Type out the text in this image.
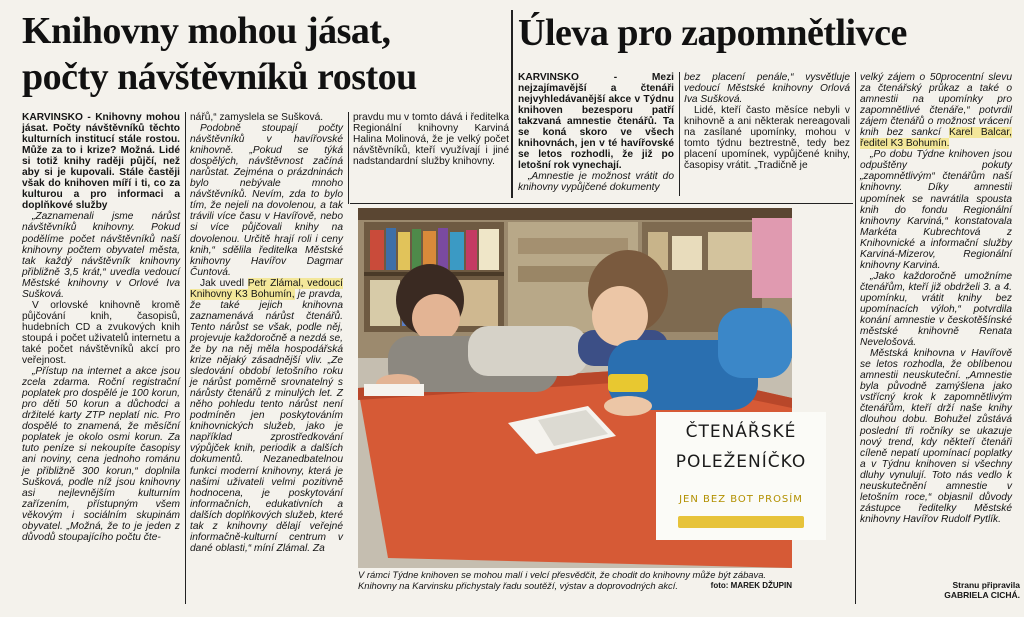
Knihovny mohou jásat,
počty návštěvníků rostou
Úleva pro zapomnětlivce

KARVINSKO - Knihovny mohou jásat. Počty návštěvníků těchto kulturních institucí stále rostou. Může za to i krize? Možná. Lidé si totiž knihy raději půjčí, než aby si je kupovali. Stále častěji však do knihoven míří i ti, co za kulturou a pro informaci a doplňkové služby

„Zaznamenali jsme nárůst návštěvníků knihovny. Pokud podělíme počet návštěvníků naší knihovny počtem obyvatel města, tak každý návštěvník knihovny přibližně 3,5 krát,“ uvedla vedoucí Městské knihovny v Orlové Iva Sušková.

V orlovské knihovně kromě půjčování knih, časopisů, hudebních CD a zvukových knih stoupá i počet uživatelů internetu a také počet návštěvníků akcí pro veřejnost.

„Přístup na internet a akce jsou zcela zdarma. Roční registrační poplatek pro dospělé je 100 korun, pro děti 50 korun a důchodci a držitelé karty ZTP neplatí nic. Pro dospělé to znamená, že měsíční poplatek je okolo osmi korun. Za tuto peníze si nekoupíte časopisy ani noviny, cena jednoho románu je přibližně 300 korun,“ doplnila Sušková, podle níž jsou knihovny asi nejlevnějším kulturním zařízením, přístupným všem věkovým i sociálním skupinám obyvatel. „Možná, že to je jeden z důvodů stoupajícího počtu čte-

nářů,“ zamyslela se Sušková.

Podobně stoupají počty návštěvníků v havířovské knihovně. „Pokud se týká dospělých, návštěvnost začíná narůstat. Zejména o prázdninách bylo nebývale mnoho návštěvníků. Nevím, zda to bylo tím, že nejeli na dovolenou, a tak trávili více času v Havířově, nebo si více půjčovali knihy na dovolenou. Určitě hrají roli i ceny knih,“ sdělila ředitelka Městské knihovny Havířov Dagmar Čuntová.

Jak uvedl Petr Zlámal, vedoucí Knihovny K3 Bohumín, je pravda, že také jejich knihovna zaznamenává nárůst čtenářů. Tento nárůst se však, podle něj, projevuje každoročně a nezdá se, že by na něj měla hospodářská krize nějaký zásadnější vliv. „Ze sledování období letošního roku je nárůst poměrně srovnatelný s nárůsty čtenářů z minulých let. Z něho pohledu tento nárůst není podmíněn jen poskytováním knihovnických služeb, jako je například zprostředkování výpůjček knih, periodik a dalších dokumentů. Nezanedbatelnou funkci moderní knihovny, která je našimi uživateli velmi pozitivně hodnocena, je poskytování informačních, edukativních a dalších doplňkových služeb, které tak z knihovny dělají veřejné informačně-kulturní centrum v dané oblasti,“ míní Zlámal. Za

pravdu mu v tomto dává i ředitelka Regionální knihovny Karviná Halina Molinová, že je velký počet návštěvníků, kteří využívají i jiné nadstandardní služby knihovny.

KARVINSKO - Mezi nejzajímavější a čtenáři nejvyhledávanější akce v Týdnu knihoven bezesporu patří takzvaná amnestie čtenářů. Ta se koná skoro ve všech knihovnách, jen v té havířovské se letos rozhodli, že již po letošní rok vynechají.

„Amnestie je možnost vrátit do knihovny vypůjčené dokumenty

bez placení penále,“ vysvětluje vedoucí Městské knihovny Orlová Iva Sušková.

Lidé, kteří často měsíce nebyli v knihovně a ani některak nereagovali na zasílané upomínky, mohou v tomto týdnu beztrestně, tedy bez placení upomínek, vypůjčené knihy, časopisy vrátit. „Tradičně je

velký zájem o 50procentní slevu za čtenářský průkaz a také o amnestii na upomínky pro zapomnětlivé čtenáře,“ potvrdil zájem čtenářů o možnost vrácení knih bez sankcí Karel Balcar, ředitel K3 Bohumín.

„Po dobu Týdne knihoven jsou odpuštěny pokuty „zapomnětlivým“ čtenářům naší knihovny. Díky amnestii upomínek se navrátila spousta knih do fondu Regionální knihovny Karviná,“ konstatovala Markéta Kubrechtová z Knihovnické a informační služby Karviná-Mizerov, Regionální knihovny Karviná.

„Jako každoročně umožníme čtenářům, kteří již obdrželi 3. a 4. upomínku, vrátit knihy bez upomínacích výloh,“ potvrdila konání amnestie v českotěšínské městské knihovně Renata Nevelošová.

Městská knihovna v Havířově se letos rozhodla, že oblíbenou amnestii neuskuteční. „Amnestie byla původně zamýšlena jako vstřícný krok k zapomnětlivým čtenářům, kteří drží naše knihy dlouhou dobu. Bohužel zůstává poslední tři ročníky se ukazuje nový trend, kdy někteří čtenáři cíleně nepatí upomínací poplatky a v Týdnu knihoven si všechny dluhy vynulují. Toto nás vedlo k neuskutečnění amnestie v letošním roce,“ objasnil důvody zástupce ředitelky Městské knihovny Havířov Rudolf Pytlík.

ČTENÁŘSKÉ
POLEŽENÍČKO
JEN BEZ BOT PROSÍM
V rámci Týdne knihoven se mohou malí i velcí přesvědčit, že chodit do knihovny může být zábava. Knihovny na Karvinsku přichystaly řadu soutěží, výstav a doprovodných akcí.	foto: MAREK DŽUPIN	Stranu připravila
GABRIELA CICHÁ.
